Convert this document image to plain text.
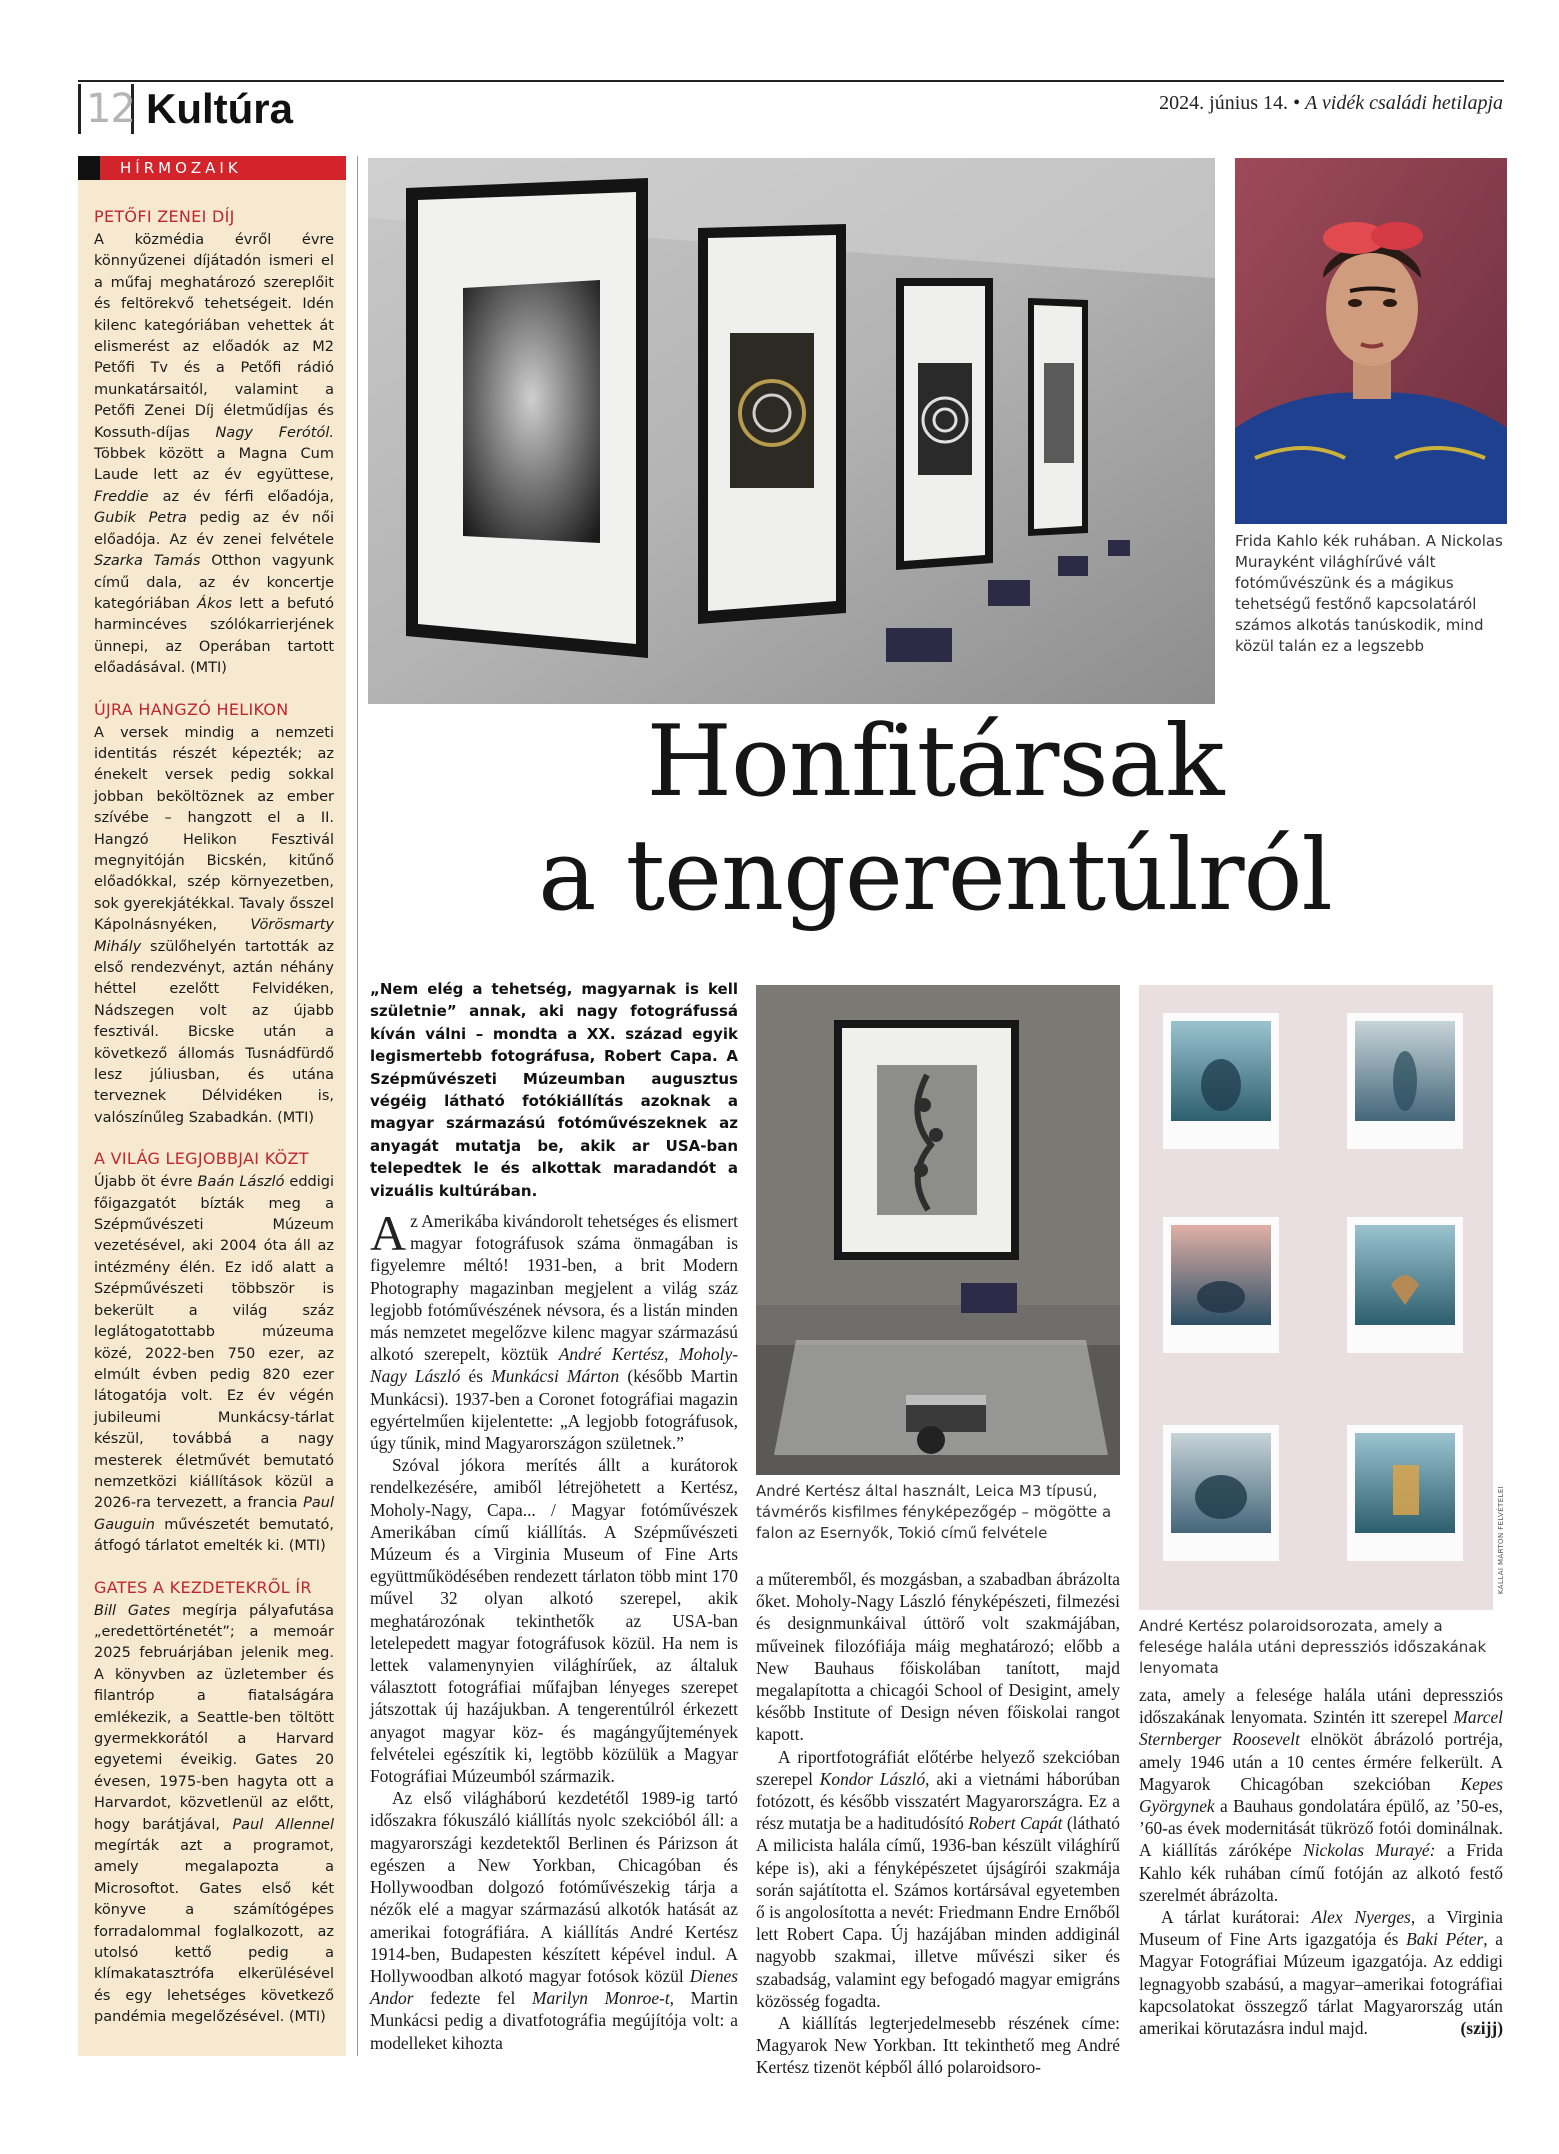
12 Kultúra	2024. június 14. • A vidék családi hetilapja
HÍRMOZAIK
PETŐFI ZENEI DÍJ

A közmédia évről évre könnyűzenei díjátadón ismeri el a műfaj meghatározó szereplőit és feltörekvő tehetségeit. Idén kilenc kategóriában vehettek át elismerést az előadók az M2 Petőfi Tv és a Petőfi rádió munkatársaitól, valamint a Petőfi Zenei Díj életműdíjas és Kossuth-díjas Nagy Ferótól. Többek között a Magna Cum Laude lett az év együttese, Freddie az év férfi előadója, Gubik Petra pedig az év női előadója. Az év zenei felvétele Szarka Tamás Otthon vagyunk című dala, az év koncertje kategóriában Ákos lett a befutó harmincéves szólókarrierjének ünnepi, az Operában tartott előadásával. (MTI)

ÚJRA HANGZÓ HELIKON

A versek mindig a nemzeti identitás részét képezték; az énekelt versek pedig sokkal jobban beköltöznek az ember szívébe – hangzott el a II. Hangzó Helikon Fesztivál megnyitóján Bicskén, kitűnő előadókkal, szép környezetben, sok gyerekjátékkal. Tavaly ősszel Kápolnásnyéken, Vörösmarty Mihály szülőhelyén tartották az első rendezvényt, aztán néhány héttel ezelőtt Felvidéken, Nádszegen volt az újabb fesztivál. Bicske után a következő állomás Tusnádfürdő lesz júliusban, és utána terveznek Délvidéken is, valószínűleg Szabadkán. (MTI)

A VILÁG LEGJOBBJAI KÖZT

Újabb öt évre Baán László eddigi főigazgatót bízták meg a Szépművészeti Múzeum vezetésével, aki 2004 óta áll az intézmény élén. Ez idő alatt a Szépművészeti többször is bekerült a világ száz leglátogatottabb múzeuma közé, 2022-ben 750 ezer, az elmúlt évben pedig 820 ezer látogatója volt. Ez év végén jubileumi Munkácsy-tárlat készül, továbbá a nagy mesterek életművét bemutató nemzetközi kiállítások közül a 2026-ra tervezett, a francia Paul Gauguin művészetét bemutató, átfogó tárlatot emelték ki. (MTI)

GATES A KEZDETEKRŐL ÍR

Bill Gates megírja pályafutása „eredettörténetét”; a memoár 2025 februárjában jelenik meg. A könyvben az üzletember és filantróp a fiatalságára emlékezik, a Seattle-ben töltött gyermekkorától a Harvard egyetemi éveikig. Gates 20 évesen, 1975-ben hagyta ott a Harvardot, közvetlenül az előtt, hogy barátjával, Paul Allennel megírták azt a programot, amely megalapozta a Microsoftot. Gates első két könyve a számítógépes forradalommal foglalkozott, az utolsó kettő pedig a klímakatasztrófa elkerülésével és egy lehetséges következő pandémia megelőzésével. (MTI)

Frida Kahlo kék ruhában. A Nickolas Murayként világhírűvé vált fotóművészünk és a mágikus tehetségű festőnő kapcsolatáról számos alkotás tanúskodik, mind közül talán ez a legszebb
Honfitársak
a tengerentúlról
„Nem elég a tehetség, magyarnak is kell születnie” annak, aki nagy fotográfussá kíván válni – mondta a XX. század egyik legismertebb fotográfusa, Robert Capa. A Szépművészeti Múzeumban augusztus végéig látható fotókiállítás azoknak a magyar származású fotóművészeknek az anyagát mutatja be, akik ar USA-ban telepedtek le és alkottak maradandót a vizuális kultúrában.
André Kertész által használt, Leica M3 típusú, távmérős kisfilmes fényképezőgép – mögötte a falon az Esernyők, Tokió című felvétele	KALLAI MÁRTON FELVÉTELEI
André Kertész polaroidsorozata, amely a felesége halála utáni depressziós időszakának lenyomata

Az Amerikába kivándorolt tehetséges és elismert magyar fotográfusok száma önmagában is figyelemre méltó! 1931-ben, a brit Modern Photography magazinban megjelent a világ száz legjobb fotóművészének névsora, és a listán minden más nemzetet megelőzve kilenc magyar származású alkotó szerepelt, köztük André Kertész, Moholy-Nagy László és Munkácsi Márton (később Martin Munkácsi). 1937-ben a Coronet fotográfiai magazin egyértelműen kijelentette: „A legjobb fotográfusok, úgy tűnik, mind Magyarországon születnek.”

Szóval jókora merítés állt a kurátorok rendelkezésére, amiből létrejöhetett a Kertész, Moholy-Nagy, Capa... / Magyar fotóművészek Amerikában című kiállítás. A Szépművészeti Múzeum és a Virginia Museum of Fine Arts együttműködésében rendezett tárlaton több mint 170 művel 32 olyan alkotó szerepel, akik meghatározónak tekinthetők az USA-ban letelepedett magyar fotográfusok közül. Ha nem is lettek valamenynyien világhírűek, az általuk választott fotográfiai műfajban lényeges szerepet játszottak új hazájukban. A tengerentúlról érkezett anyagot magyar köz- és magángyűjtemények felvételei egészítik ki, legtöbb közülük a Magyar Fotográfiai Múzeumból származik.

Az első világháború kezdetétől 1989-ig tartó időszakra fókuszáló kiállítás nyolc szekcióból áll: a magyarországi kezdetektől Berlinen és Párizson át egészen a New Yorkban, Chicagóban és Hollywoodban dolgozó fotóművészekig tárja a nézők elé a magyar származású alkotók hatását az amerikai fotográfiára. A kiállítás André Kertész 1914-ben, Budapesten készített képével indul. A Hollywoodban alkotó magyar fotósok közül Dienes Andor fedezte fel Marilyn Monroe-t, Martin Munkácsi pedig a divatfotográfia megújítója volt: a modelleket kihozta

a műteremből, és mozgásban, a szabadban ábrázolta őket. Moholy-Nagy László fényképészeti, filmezési és designmunkáival úttörő volt szakmájában, műveinek filozófiája máig meghatározó; előbb a New Bauhaus főiskolában tanított, majd megalapította a chicagói School of Desigint, amely később Institute of Design néven főiskolai rangot kapott.

A riportfotográfiát előtérbe helyező szekcióban szerepel Kondor László, aki a vietnámi háborúban fotózott, és később visszatért Magyarországra. Ez a rész mutatja be a haditudósító Robert Capát (látható A milicista halála című, 1936-ban készült világhírű képe is), aki a fényképészetet újságírói szakmája során sajátította el. Számos kortársával egyetemben ő is angolosította a nevét: Friedmann Endre Ernőből lett Robert Capa. Új hazájában minden addiginál nagyobb szakmai, illetve művészi siker és szabadság, valamint egy befogadó magyar emigráns közösség fogadta.

A kiállítás legterjedelmesebb részének címe: Magyarok New Yorkban. Itt tekinthető meg André Kertész tizenöt képből álló polaroidsoro-

zata, amely a felesége halála utáni depressziós időszakának lenyomata. Szintén itt szerepel Marcel Sternberger Roosevelt elnököt ábrázoló portréja, amely 1946 után a 10 centes érmére felkerült. A Magyarok Chicagóban szekcióban Kepes Györgynek a Bauhaus gondolatára épülő, az ’50-es, ’60-as évek modernitását tükröző fotói dominálnak. A kiállítás záróképe Nickolas Murayé: a Frida Kahlo kék ruhában című fotóján az alkotó festő szerelmét ábrázolta.

A tárlat kurátorai: Alex Nyerges, a Virginia Museum of Fine Arts igazgatója és Baki Péter, a Magyar Fotográfiai Múzeum igazgatója. Az eddigi legnagyobb szabású, a magyar–amerikai fotográfiai kapcsolatokat összegző tárlat Magyarország után amerikai körutazásra indul majd.	(szijj)
